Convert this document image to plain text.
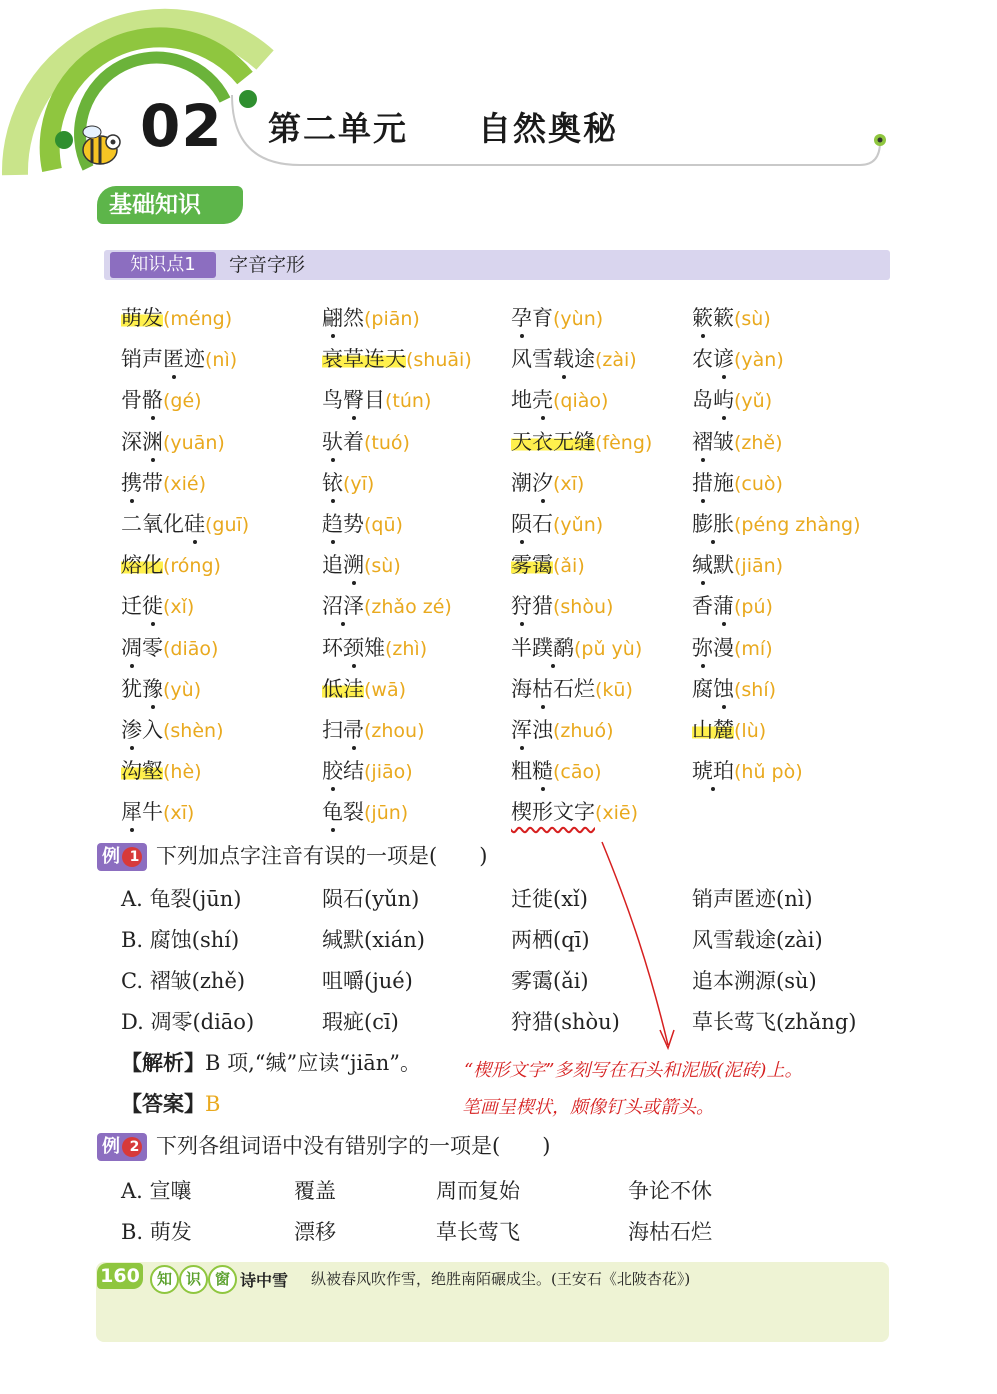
02 第二单元　　自然奥秘
基础知识
知识点1	字音字形
萌发(méng)	翩然(piān)	孕育(yùn)	簌簌(sù)
销声匿迹(nì)	衰草连天(shuāi) 风雪载途(zài)	农谚(yàn)
骨骼(gé)	鸟臀目(tún)	地壳(qiào)	岛屿(yǔ)
深渊(yuān)	驮着(tuó)	天衣无缝(fèng) 褶皱(zhě)
携带(xié)	铱(yī)	潮汐(xī)	措施(cuò)
二氧化硅(guī)	趋势(qū)	陨石(yǔn)	膨胀(péng zhàng)
熔化(róng)	追溯(sù)	雾霭(ǎi)	缄默(jiān)
迁徙(xǐ)	沼泽(zhǎo zé)	狩猎(shòu)	香蒲(pú)
凋零(diāo)	环颈雉(zhì)	半蹼鹬(pǔ yù) 弥漫(mí)
犹豫(yù)	低洼(wā)	海枯石烂(kū)	腐蚀(shí)
渗入(shèn)	扫帚(zhou)	浑浊(zhuó)	山麓(lù)
沟壑(hè)	胶结(jiāo)	粗糙(cāo)	琥珀(hǔ pò)
犀牛(xī)	龟裂(jūn)	楔形文字(xiē)
例 1 下列加点字注音有误的一项是(　　)
A. 龟裂(jūn)	陨石(yǔn)	迁徙(xǐ)	销声匿迹(nì)
B. 腐蚀(shí)	缄默(xián)	两栖(qī)	风雪载途(zài)
C. 褶皱(zhě)	咀嚼(jué)	雾霭(ǎi)	追本溯源(sù)
D. 凋零(diāo)	瑕疵(cī)	狩猎(shòu)	草长莺飞(zhǎng)
【解析】B 项,“缄”应读“jiān”。
【答案】B
“楔形文字”多刻写在石头和泥版(泥砖)上。
笔画呈楔状，颇像钉头或箭头。
例 2 下列各组词语中没有错别字的一项是(　　)
A. 宣嚷	覆盖	周而复始	争论不休
B. 萌发	漂移	草长莺飞	海枯石烂
160	知 识 窗 诗中雪 纵被春风吹作雪，绝胜南陌碾成尘。(王安石《北陂杏花》)
